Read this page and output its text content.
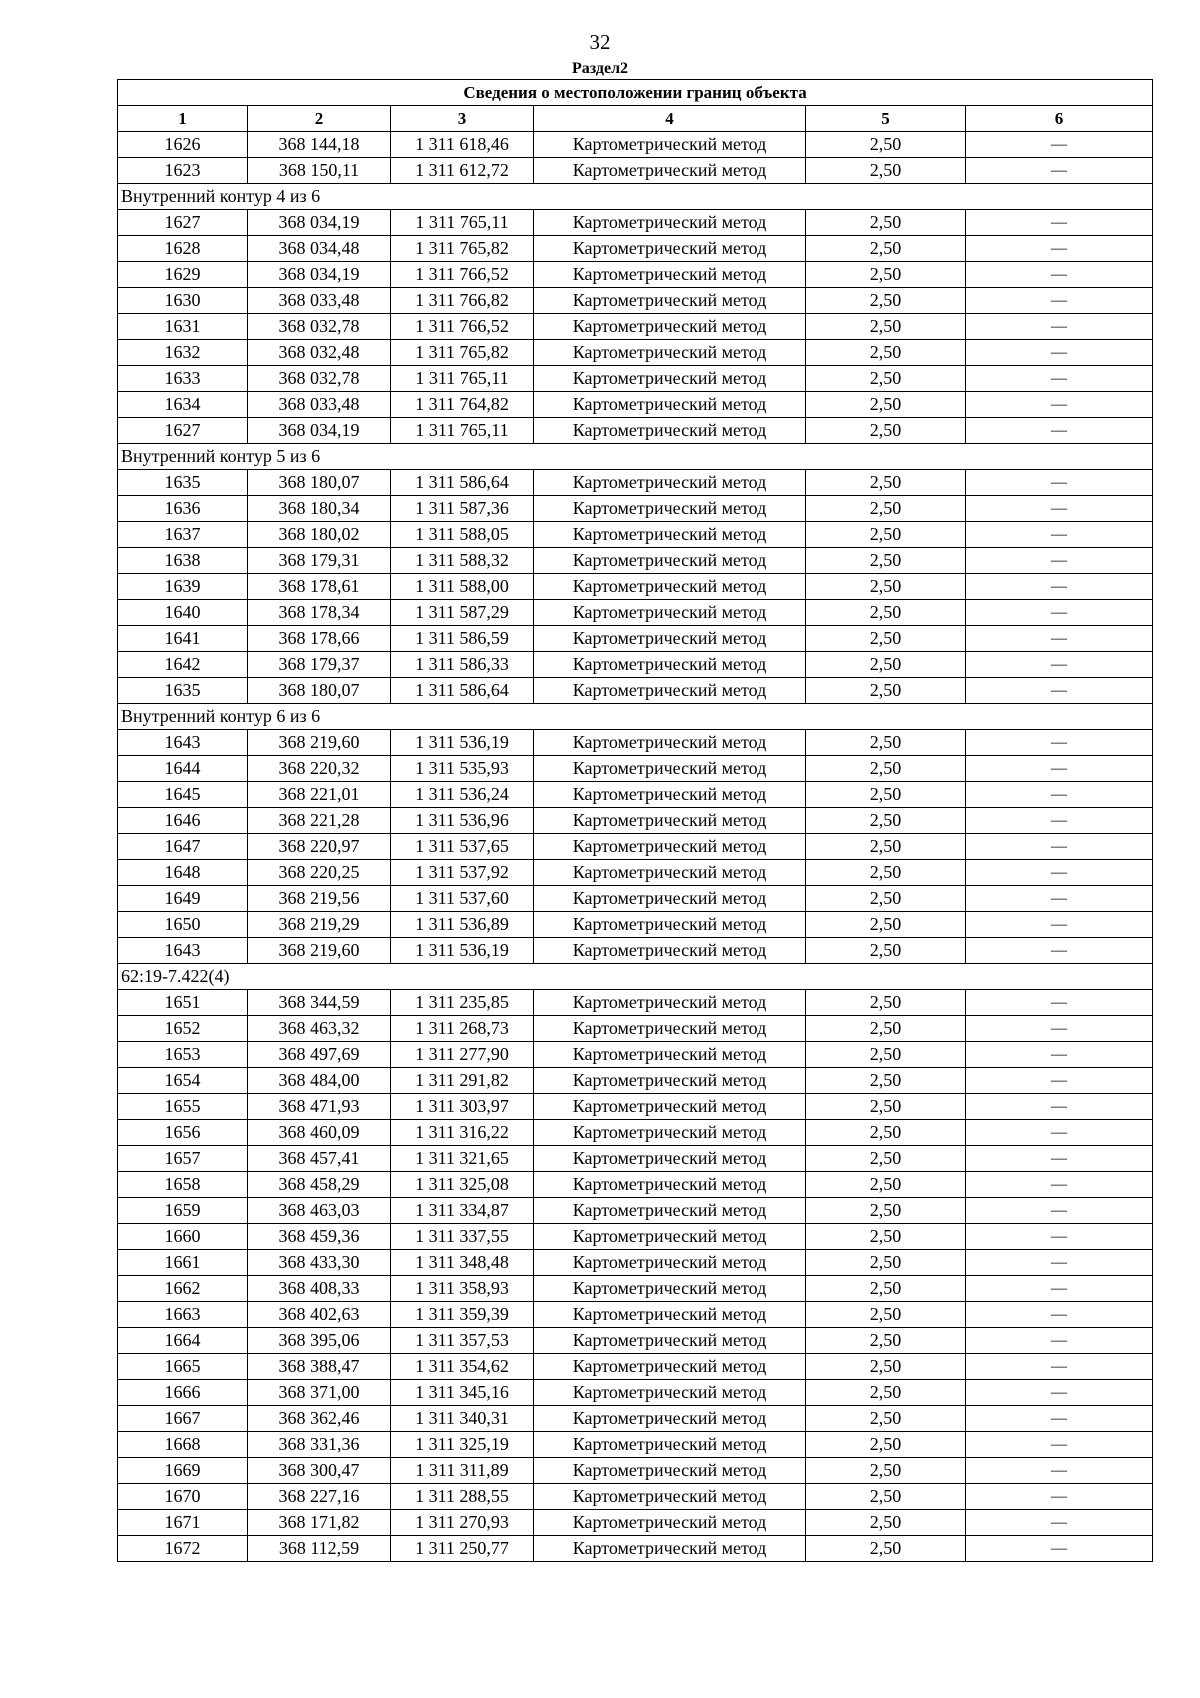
32
Раздел2
Сведения о местоположении границ объекта					
1	2	3	4	5	6
1626	368 144,18	1 311 618,46	Картометрический метод	2,50	—
1623	368 150,11	1 311 612,72	Картометрический метод	2,50	—
Внутренний контур 4 из 6					
1627	368 034,19	1 311 765,11	Картометрический метод	2,50	—
1628	368 034,48	1 311 765,82	Картометрический метод	2,50	—
1629	368 034,19	1 311 766,52	Картометрический метод	2,50	—
1630	368 033,48	1 311 766,82	Картометрический метод	2,50	—
1631	368 032,78	1 311 766,52	Картометрический метод	2,50	—
1632	368 032,48	1 311 765,82	Картометрический метод	2,50	—
1633	368 032,78	1 311 765,11	Картометрический метод	2,50	—
1634	368 033,48	1 311 764,82	Картометрический метод	2,50	—
1627	368 034,19	1 311 765,11	Картометрический метод	2,50	—
Внутренний контур 5 из 6					
1635	368 180,07	1 311 586,64	Картометрический метод	2,50	—
1636	368 180,34	1 311 587,36	Картометрический метод	2,50	—
1637	368 180,02	1 311 588,05	Картометрический метод	2,50	—
1638	368 179,31	1 311 588,32	Картометрический метод	2,50	—
1639	368 178,61	1 311 588,00	Картометрический метод	2,50	—
1640	368 178,34	1 311 587,29	Картометрический метод	2,50	—
1641	368 178,66	1 311 586,59	Картометрический метод	2,50	—
1642	368 179,37	1 311 586,33	Картометрический метод	2,50	—
1635	368 180,07	1 311 586,64	Картометрический метод	2,50	—
Внутренний контур 6 из 6					
1643	368 219,60	1 311 536,19	Картометрический метод	2,50	—
1644	368 220,32	1 311 535,93	Картометрический метод	2,50	—
1645	368 221,01	1 311 536,24	Картометрический метод	2,50	—
1646	368 221,28	1 311 536,96	Картометрический метод	2,50	—
1647	368 220,97	1 311 537,65	Картометрический метод	2,50	—
1648	368 220,25	1 311 537,92	Картометрический метод	2,50	—
1649	368 219,56	1 311 537,60	Картометрический метод	2,50	—
1650	368 219,29	1 311 536,89	Картометрический метод	2,50	—
1643	368 219,60	1 311 536,19	Картометрический метод	2,50	—
62:19-7.422(4)					
1651	368 344,59	1 311 235,85	Картометрический метод	2,50	—
1652	368 463,32	1 311 268,73	Картометрический метод	2,50	—
1653	368 497,69	1 311 277,90	Картометрический метод	2,50	—
1654	368 484,00	1 311 291,82	Картометрический метод	2,50	—
1655	368 471,93	1 311 303,97	Картометрический метод	2,50	—
1656	368 460,09	1 311 316,22	Картометрический метод	2,50	—
1657	368 457,41	1 311 321,65	Картометрический метод	2,50	—
1658	368 458,29	1 311 325,08	Картометрический метод	2,50	—
1659	368 463,03	1 311 334,87	Картометрический метод	2,50	—
1660	368 459,36	1 311 337,55	Картометрический метод	2,50	—
1661	368 433,30	1 311 348,48	Картометрический метод	2,50	—
1662	368 408,33	1 311 358,93	Картометрический метод	2,50	—
1663	368 402,63	1 311 359,39	Картометрический метод	2,50	—
1664	368 395,06	1 311 357,53	Картометрический метод	2,50	—
1665	368 388,47	1 311 354,62	Картометрический метод	2,50	—
1666	368 371,00	1 311 345,16	Картометрический метод	2,50	—
1667	368 362,46	1 311 340,31	Картометрический метод	2,50	—
1668	368 331,36	1 311 325,19	Картометрический метод	2,50	—
1669	368 300,47	1 311 311,89	Картометрический метод	2,50	—
1670	368 227,16	1 311 288,55	Картометрический метод	2,50	—
1671	368 171,82	1 311 270,93	Картометрический метод	2,50	—
1672	368 112,59	1 311 250,77	Картометрический метод	2,50	—
